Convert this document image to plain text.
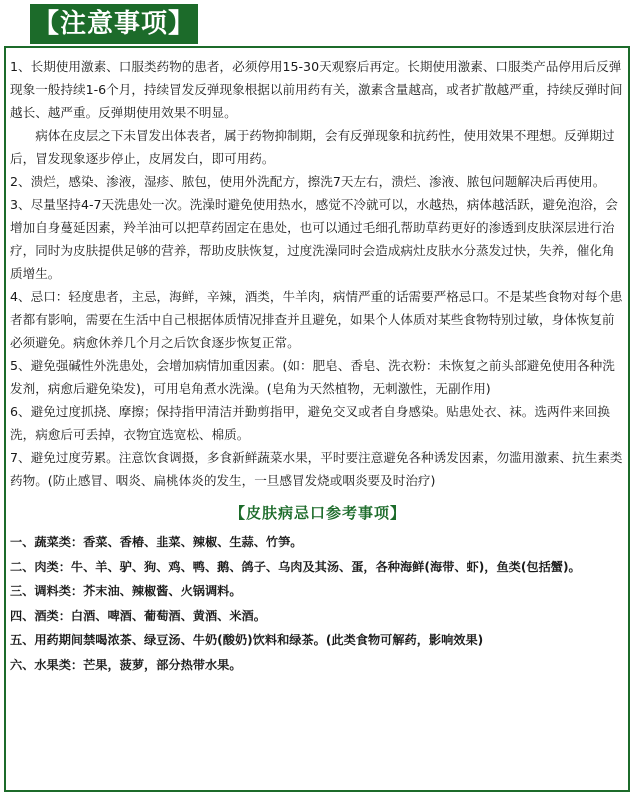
【注意事项】

1、长期使用激素、口服类药物的患者，必须停用15-30天观察后再定。长期使用激素、口服类产品停用后反弹现象一般持续1-6个月，持续冒发反弹现象根据以前用药有关，激素含量越高，或者扩散越严重，持续反弹时间越长、越严重。反弹期使用效果不明显。

病体在皮层之下未冒发出体表者，属于药物抑制期，会有反弹现象和抗药性，使用效果不理想。反弹期过后，冒发现象逐步停止，皮屑发白，即可用药。

2、溃烂，感染、渗液，湿疹、脓包，使用外洗配方，擦洗7天左右，溃烂、渗液、脓包问题解决后再使用。

3、尽量坚持4-7天洗患处一次。洗澡时避免使用热水，感觉不冷就可以，水越热，病体越活跃，避免泡浴，会增加自身蔓延因素，羚羊油可以把草药固定在患处，也可以通过毛细孔帮助草药更好的渗透到皮肤深层进行治疗，同时为皮肤提供足够的营养，帮助皮肤恢复，过度洗澡同时会造成病灶皮肤水分蒸发过快，失养，催化角质增生。

4、忌口：轻度患者，主忌，海鲜，辛辣，酒类，牛羊肉，病情严重的话需要严格忌口。不是某些食物对每个患者都有影响，需要在生活中自己根据体质情况排查并且避免，如果个人体质对某些食物特别过敏，身体恢复前必须避免。病愈休养几个月之后饮食逐步恢复正常。

5、避免强碱性外洗患处，会增加病情加重因素。(如：肥皂、香皂、洗衣粉：未恢复之前头部避免使用各种洗发剂，病愈后避免染发)，可用皂角煮水洗澡。(皂角为天然植物，无刺激性，无副作用)

6、避免过度抓挠、摩擦；保持指甲清洁并勤剪指甲，避免交叉或者自身感染。贴患处衣、袜。选两件来回换洗，病愈后可丢掉，衣物宜选宽松、棉质。

7、避免过度劳累。注意饮食调摄，多食新鲜蔬菜水果，平时要注意避免各种诱发因素，勿滥用激素、抗生素类药物。(防止感冒、咽炎、扁桃体炎的发生，一旦感冒发烧或咽炎要及时治疗)

【皮肤病忌口参考事项】
一、蔬菜类：香菜、香椿、韭菜、辣椒、生蒜、竹笋。
二、肉类：牛、羊、驴、狗、鸡、鸭、鹅、鸽子、乌肉及其汤、蛋，各种海鲜(海带、虾)，鱼类(包括蟹)。
三、调料类：芥末油、辣椒酱、火锅调料。
四、酒类：白酒、啤酒、葡萄酒、黄酒、米酒。
五、用药期间禁喝浓茶、绿豆汤、牛奶(酸奶)饮料和绿茶。(此类食物可解药，影响效果)
六、水果类：芒果，菠萝，部分热带水果。
